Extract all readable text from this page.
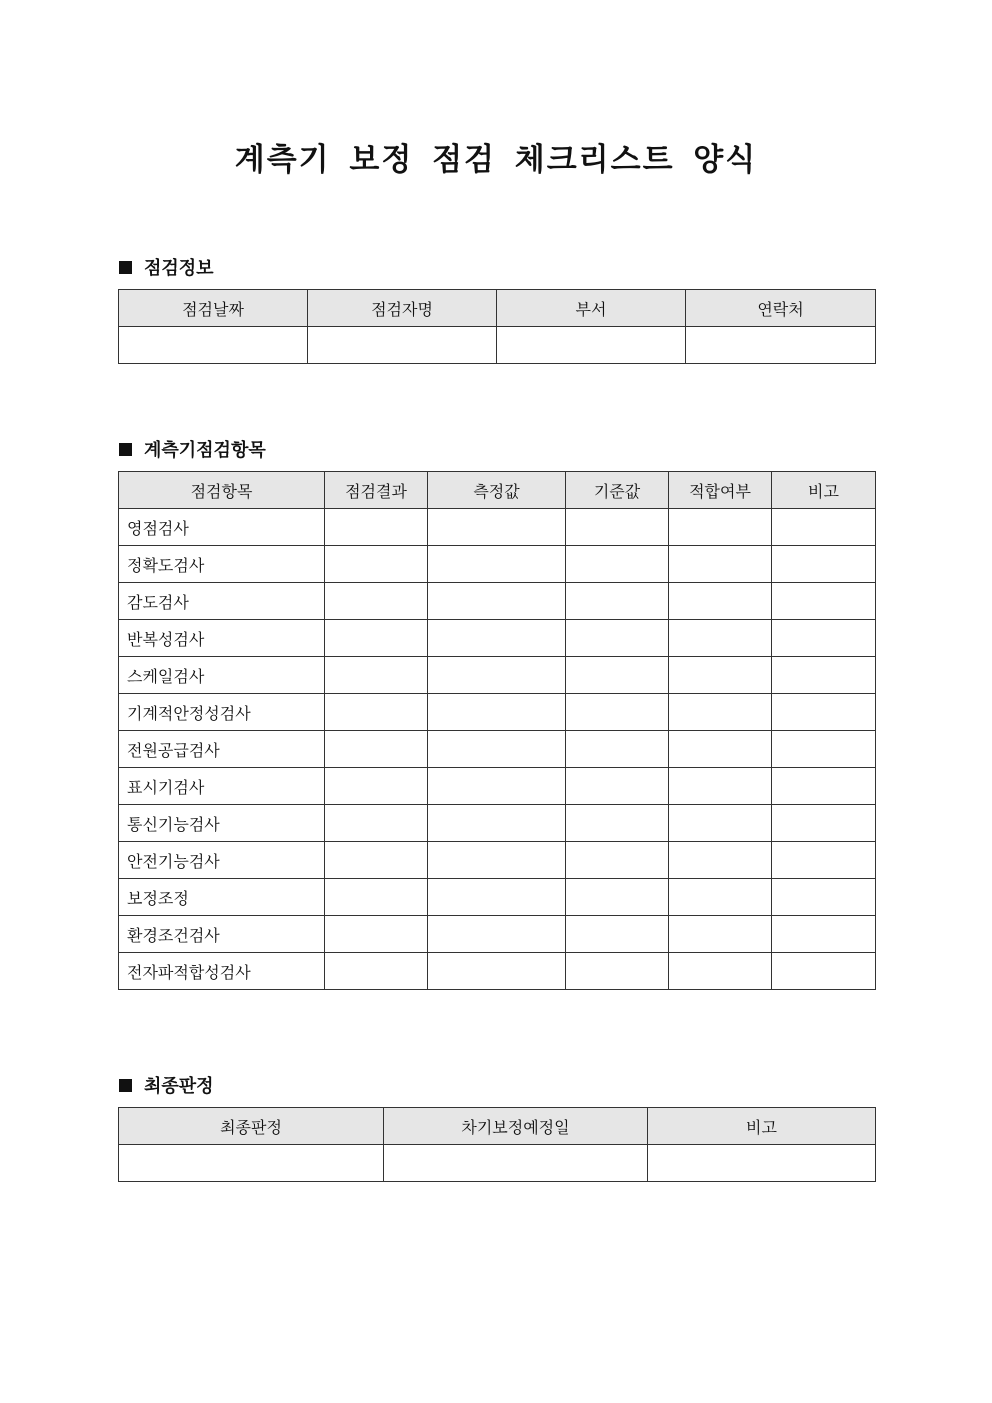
계측기 보정 점검 체크리스트 양식
점검정보
점검날짜	점검자명	부서	연락처

계측기점검항목
점검항목	점검결과	측정값	기준값	적합여부	비고
영점검사					
정확도검사					
감도검사					
반복성검사					
스케일검사					
기계적안정성검사					
전원공급검사					
표시기검사					
통신기능검사					
안전기능검사					
보정조정					
환경조건검사					
전자파적합성검사					
최종판정
최종판정	차기보정예정일	비고
